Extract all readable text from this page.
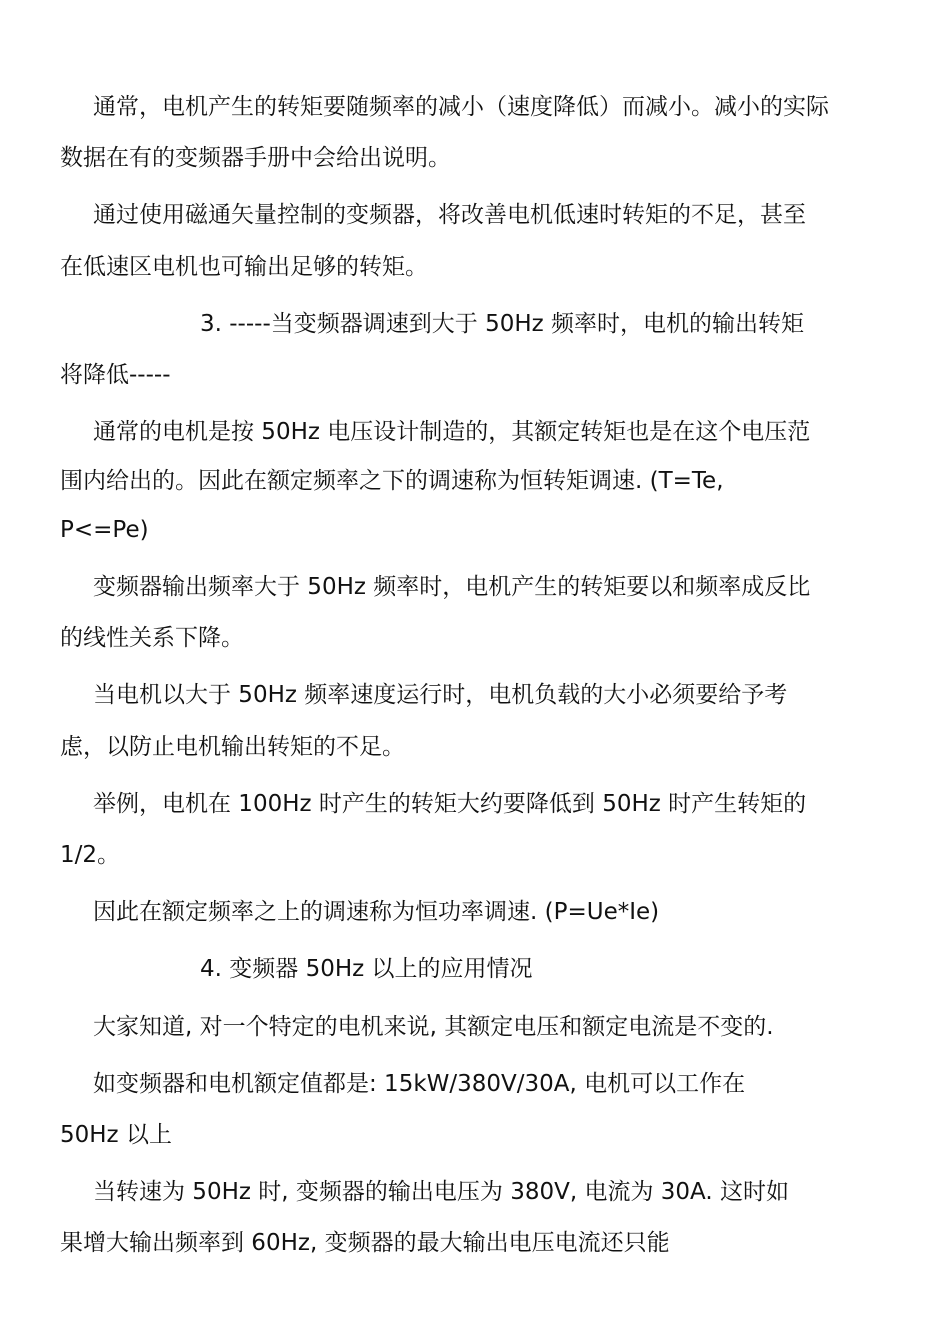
通常，电机产生的转矩要随频率的减小（速度降低）而减小。减小的实际
数据在有的变频器手册中会给出说明。
通过使用磁通矢量控制的变频器，将改善电机低速时转矩的不足，甚至
在低速区电机也可输出足够的转矩。
3. -----当变频器调速到大于 50Hz 频率时，电机的输出转矩
将降低-----
通常的电机是按 50Hz 电压设计制造的，其额定转矩也是在这个电压范
围内给出的。因此在额定频率之下的调速称为恒转矩调速. (T=Te,
P<=Pe)
变频器输出频率大于 50Hz 频率时，电机产生的转矩要以和频率成反比
的线性关系下降。
当电机以大于 50Hz 频率速度运行时，电机负载的大小必须要给予考
虑，以防止电机输出转矩的不足。
举例，电机在 100Hz 时产生的转矩大约要降低到 50Hz 时产生转矩的
1/2。
因此在额定频率之上的调速称为恒功率调速. (P=Ue*Ie)
4. 变频器 50Hz 以上的应用情况
大家知道, 对一个特定的电机来说, 其额定电压和额定电流是不变的.
如变频器和电机额定值都是: 15kW/380V/30A, 电机可以工作在
50Hz 以上
当转速为 50Hz 时, 变频器的输出电压为 380V, 电流为 30A. 这时如
果增大输出频率到 60Hz, 变频器的最大输出电压电流还只能
